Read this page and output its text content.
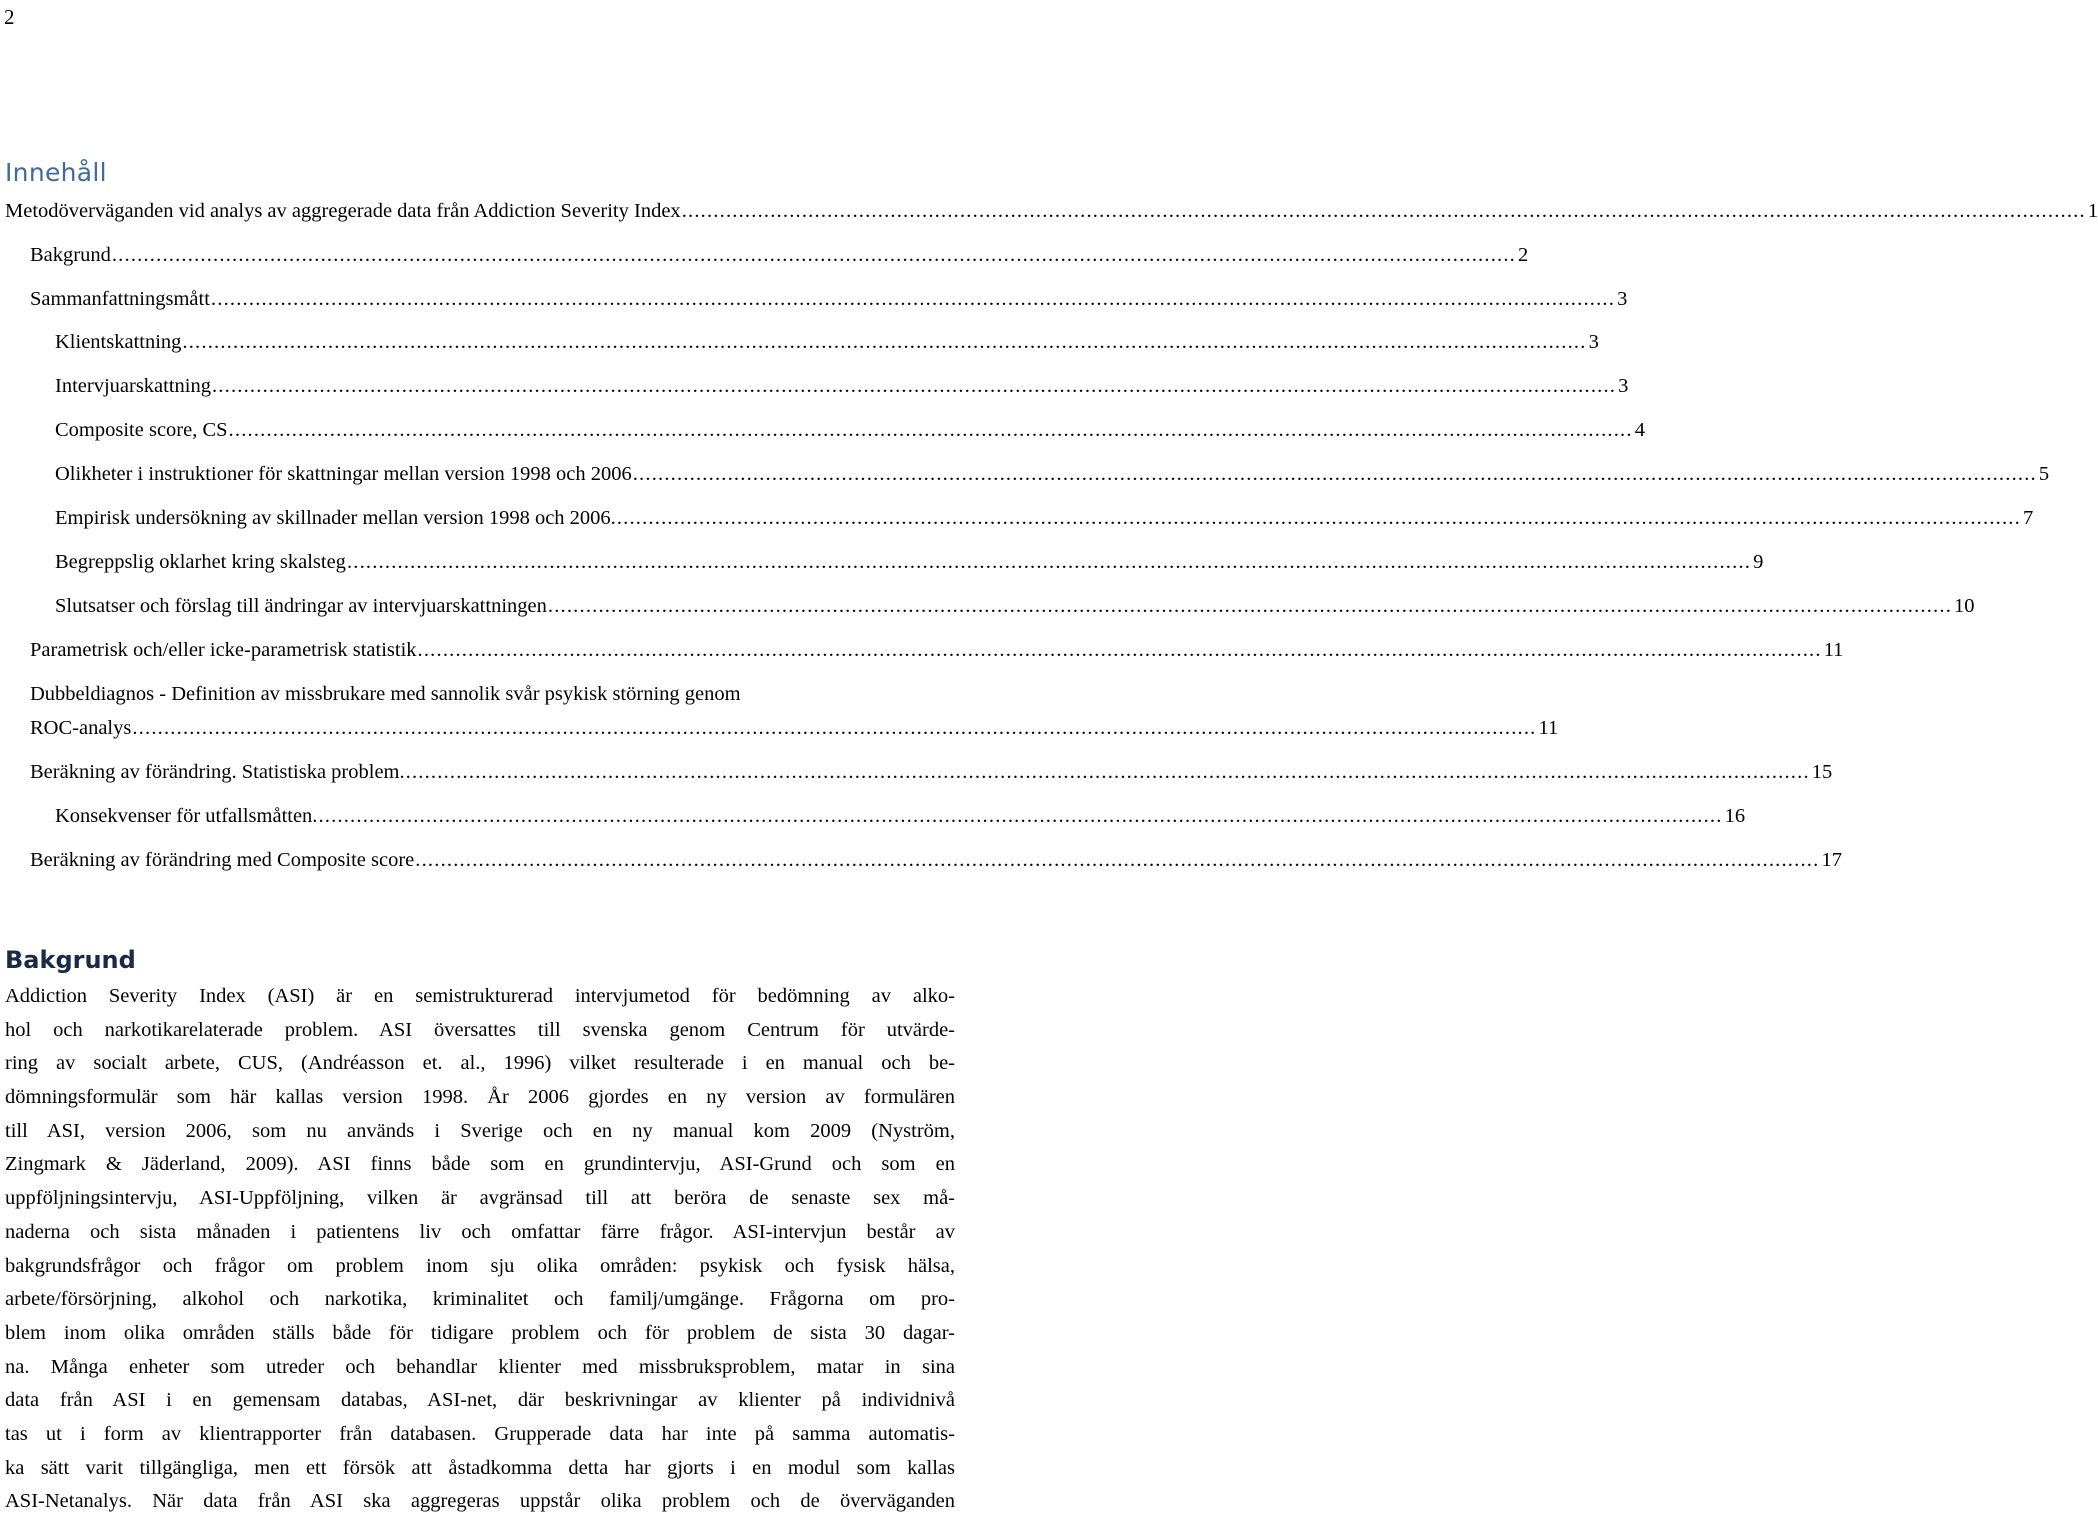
2
Innehåll
Metodöverväganden vid analys av aggregerade data från Addiction Severity Index .............................................................................................................................................................................................................................. 1
Bakgrund .............................................................................................................................................................................................................................. 2
Sammanfattningsmått .............................................................................................................................................................................................................................. 3
Klientskattning .............................................................................................................................................................................................................................. 3
Intervjuarskattning .............................................................................................................................................................................................................................. 3
Composite score, CS .............................................................................................................................................................................................................................. 4
Olikheter i instruktioner för skattningar mellan version 1998 och 2006 .............................................................................................................................................................................................................................. 5
Empirisk undersökning av skillnader mellan version 1998 och 2006. .............................................................................................................................................................................................................................. 7
Begreppslig oklarhet kring skalsteg .............................................................................................................................................................................................................................. 9
Slutsatser och förslag till ändringar av intervjuarskattningen .............................................................................................................................................................................................................................. 10
Parametrisk och/eller icke-parametrisk statistik .............................................................................................................................................................................................................................. 11
Dubbeldiagnos - Definition av missbrukare med sannolik svår psykisk störning genom
ROC-analys .............................................................................................................................................................................................................................. 11
Beräkning av förändring. Statistiska problem. .............................................................................................................................................................................................................................. 15
Konsekvenser för utfallsmåtten. .............................................................................................................................................................................................................................. 16
Beräkning av förändring med Composite score .............................................................................................................................................................................................................................. 17
Bakgrund
Addiction Severity Index (ASI) är en semistrukturerad intervjumetod för bedömning av alko-
hol och narkotikarelaterade problem. ASI översattes till svenska genom Centrum för utvärde-
ring av socialt arbete, CUS, (Andréasson et. al., 1996) vilket resulterade i en manual och be-
dömningsformulär som här kallas version 1998. År 2006 gjordes en ny version av formulären
till ASI, version 2006, som nu används i Sverige och en ny manual kom 2009 (Nyström,
Zingmark & Jäderland, 2009). ASI finns både som en grundintervju, ASI-Grund och som en
uppföljningsintervju, ASI-Uppföljning, vilken är avgränsad till att beröra de senaste sex må-
naderna och sista månaden i patientens liv och omfattar färre frågor. ASI-intervjun består av
bakgrundsfrågor och frågor om problem inom sju olika områden: psykisk och fysisk hälsa,
arbete/försörjning, alkohol och narkotika, kriminalitet och familj/umgänge. Frågorna om pro-
blem inom olika områden ställs både för tidigare problem och för problem de sista 30 dagar-
na. Många enheter som utreder och behandlar klienter med missbruksproblem, matar in sina
data från ASI i en gemensam databas, ASI-net, där beskrivningar av klienter på individnivå
tas ut i form av klientrapporter från databasen. Grupperade data har inte på samma automatis-
ka sätt varit tillgängliga, men ett försök att åstadkomma detta har gjorts i en modul som kallas
ASI-Netanalys. När data från ASI ska aggregeras uppstår olika problem och de överväganden
